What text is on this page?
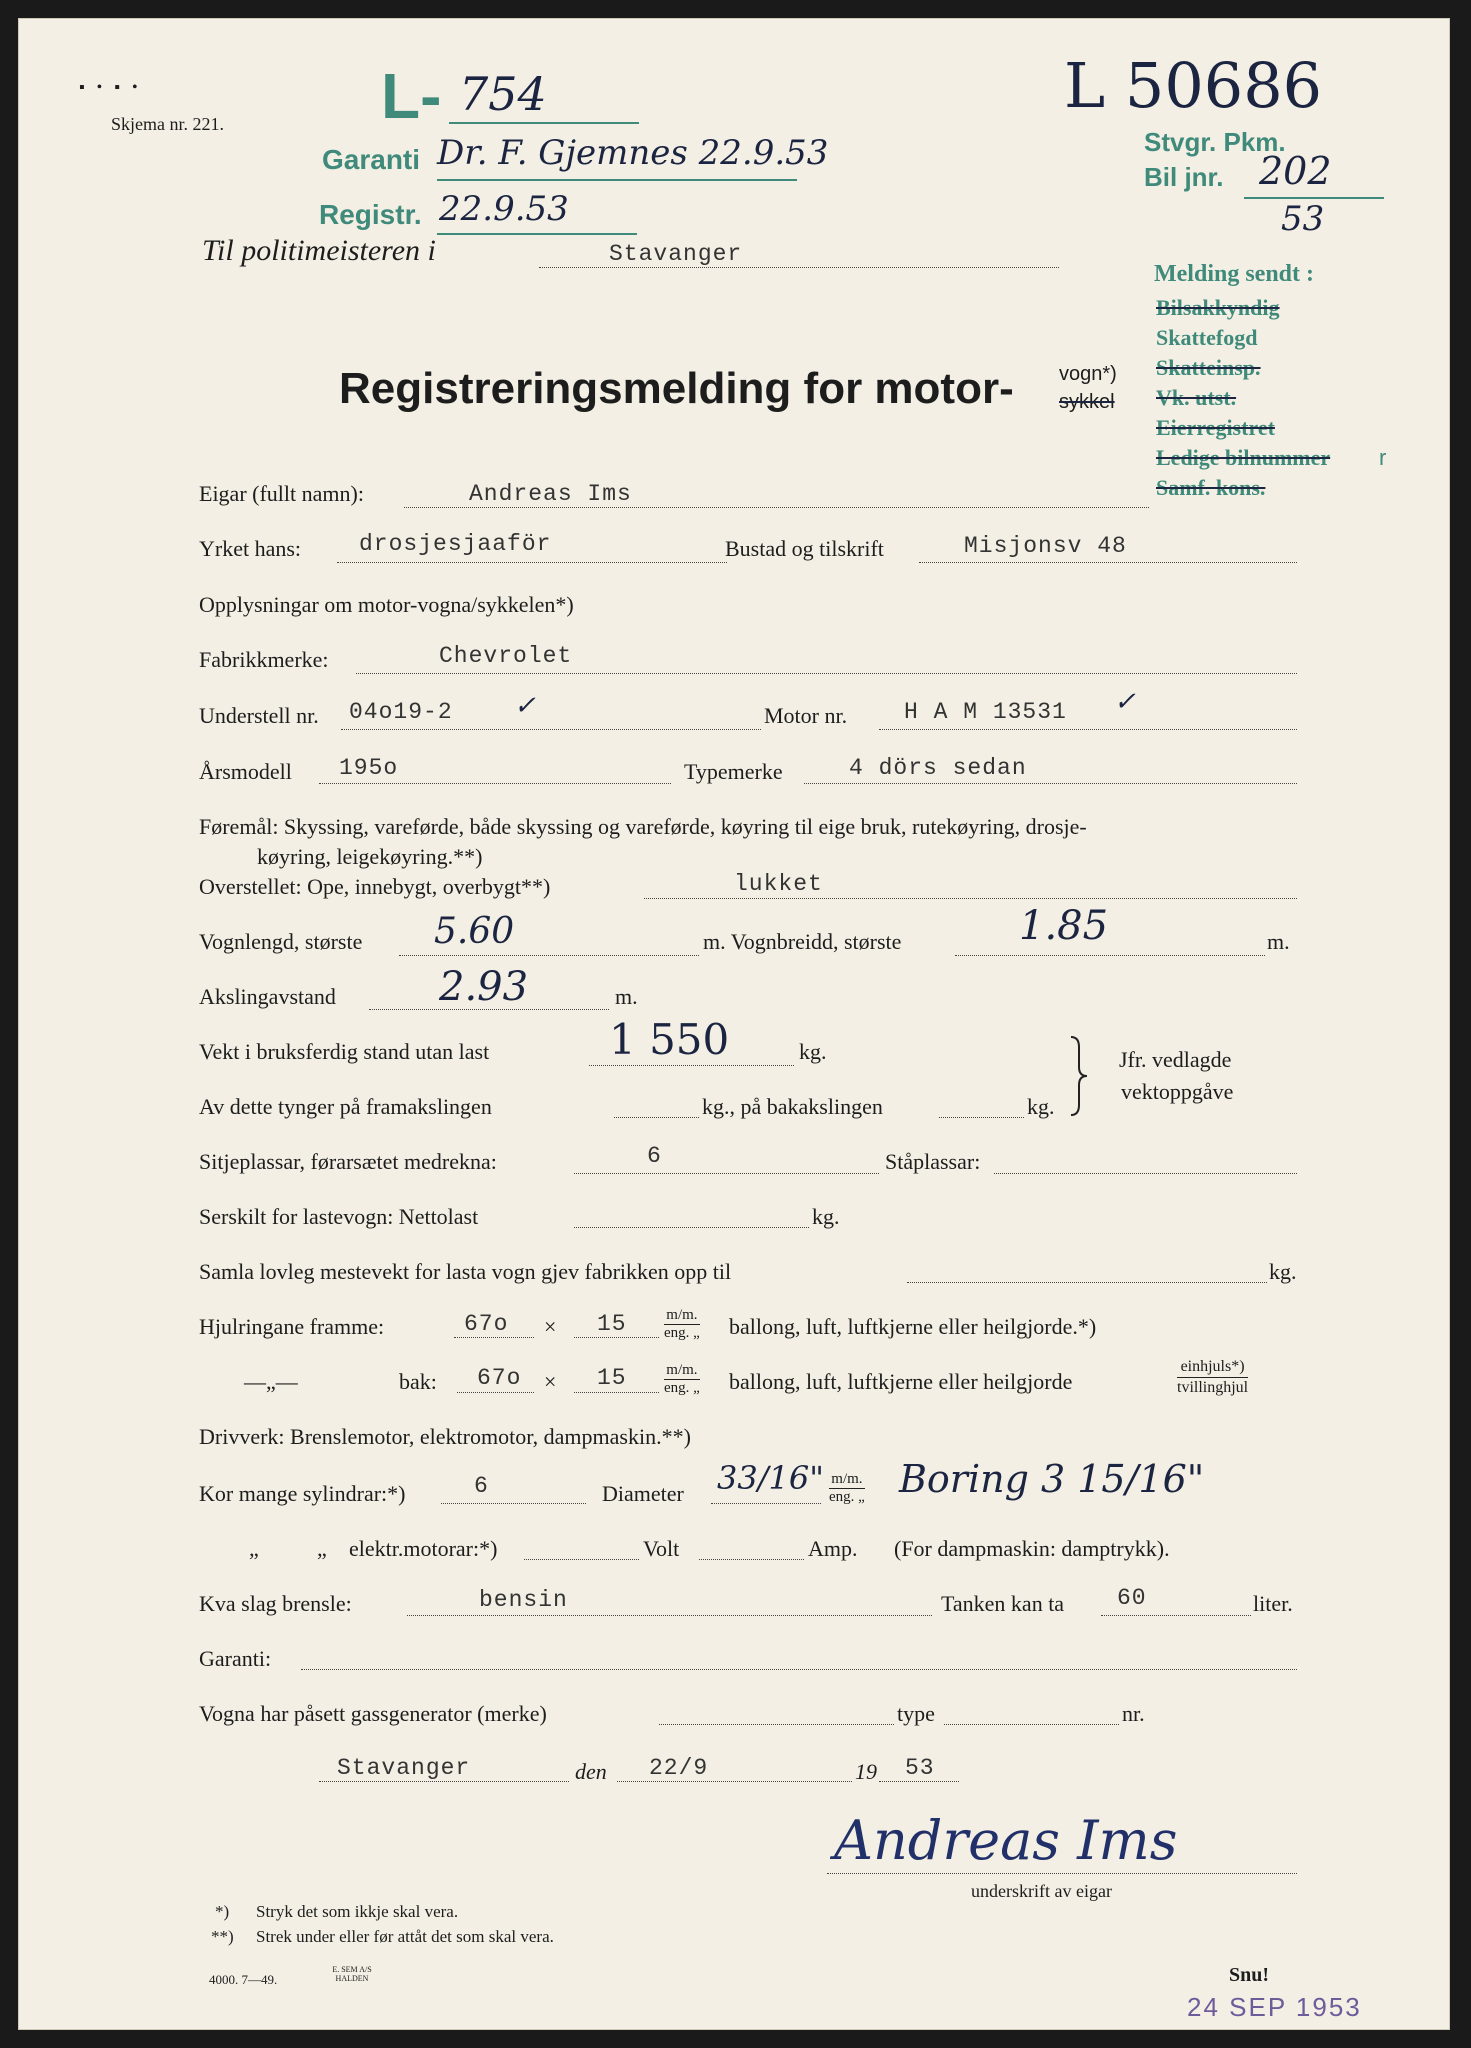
▪ • ▪ •
Skjema nr. 221. L- 754
Garanti Dr. F. Gjemnes 22.9.53
Registr. 22.9.53
L 50686
Stvgr. Pkm.
Bil jnr. 202
53
Til politimeisteren i	Stavanger
Melding sendt :
Bilsakkyndig
Skattefogd
Skatteinsp.
Vk. utst.
Eierregistret
Ledige bilnummer r
Samf. kons.
Registreringsmelding for motor- vogn*)
sykkel
Eigar (fullt namn):	Andreas Ims
Yrket hans:	drosjesjaaför	Bustad og tilskrift	Misjonsv 48
Opplysningar om motor-vogna/sykkelen*)
Fabrikkmerke:	Chevrolet
Understell nr. 04o19-2 ✓	Motor nr. H A M 13531 ✓
Årsmodell 195o	Typemerke	4 dörs sedan
Føremål: Skyssing, vareførde, både skyssing og vareførde, køyring til eige bruk, rutekøyring, drosje-
køyring, leigekøyring.**)
Overstellet: Ope, innebygt, overbygt**)	lukket
Vognlengd, største 5.60	m. Vognbreidd, største	1.85	m.
Akslingavstand	2.93	m.
Vekt i bruksferdig stand utan last	1 550	kg.
Av dette tynger på framakslingen	kg., på bakakslingen	kg.
Jfr. vedlagde
vektoppgåve
Sitjeplassar, førarsætet medrekna:	6	Ståplassar:
Serskilt for lastevogn: Nettolast	kg.
Samla lovleg mestevekt for lasta vogn gjev fabrikken opp til	kg.
Hjulringane framme:	67o × 15	m/m.
eng. „ ballong, luft, luftkjerne eller heilgjorde.*)
—„—	bak: 67o × 15	m/m.
eng. „ ballong, luft, luftkjerne eller heilgjorde
einhjuls*)
tvillinghjul
Drivverk: Brenslemotor, elektromotor, dampmaskin.**)
Kor mange sylindrar:*)	6	Diameter 33/16" m/m.
eng. „ Boring 3 15/16"
„	„ elektr.motorar:*)	Volt	Amp. (For dampmaskin: damptrykk).
Kva slag brensle:	bensin	Tanken kan ta 60	liter.
Garanti:
Vogna har påsett gassgenerator (merke)	type	nr.
Stavanger	den 22/9	19 53
Andreas Ims
underskrift av eigar
*) Stryk det som ikkje skal vera.
**) Strek under eller før attåt det som skal vera.
4000. 7—49.
E. SEM A/S HALDEN	Snu!
24 SEP 1953
